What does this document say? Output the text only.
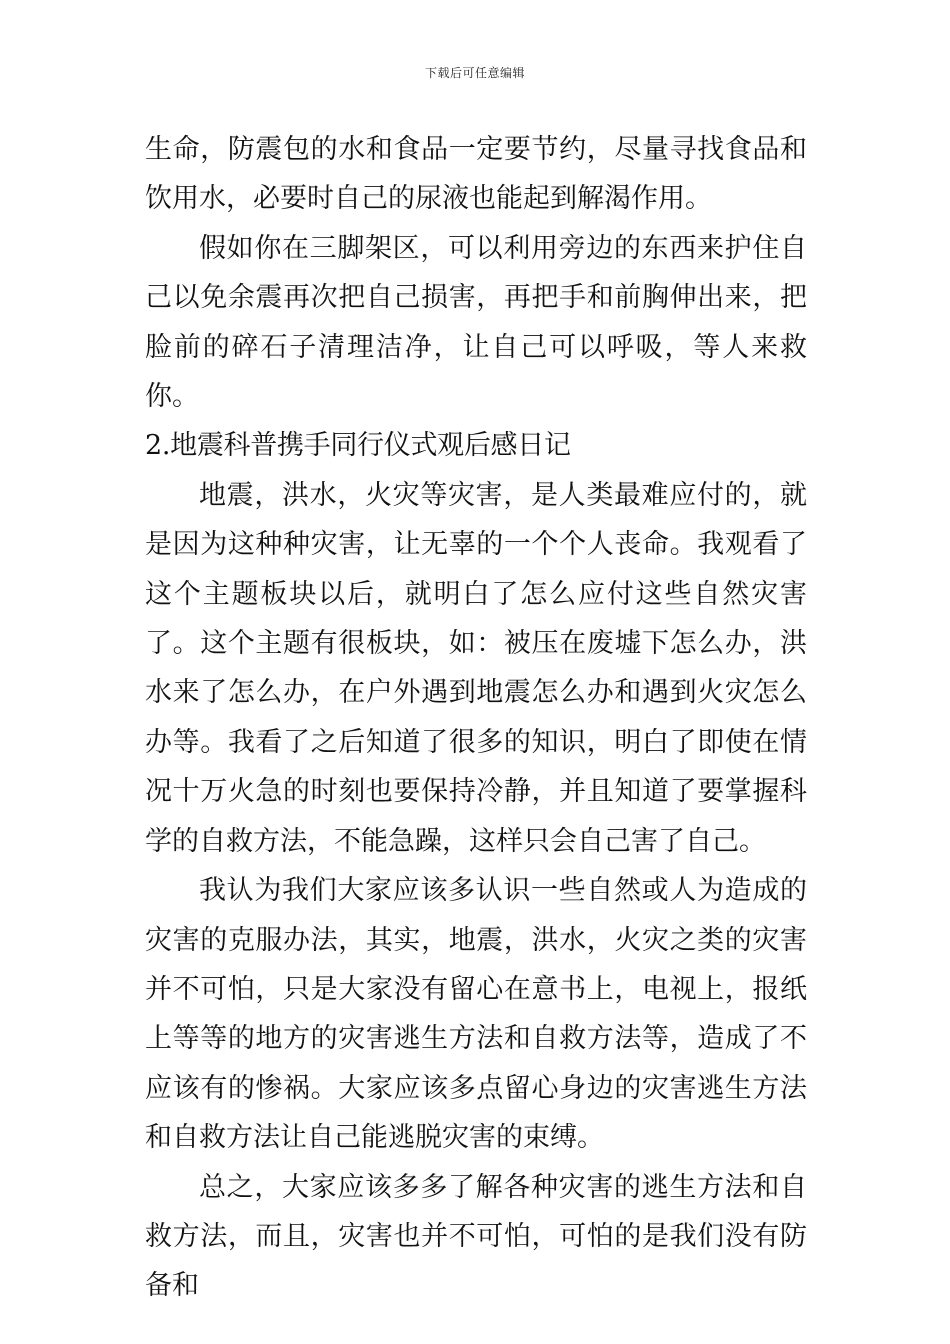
下载后可任意编辑

生命，防震包的水和食品一定要节约，尽量寻找食品和饮用水，必要时自己的尿液也能起到解渴作用。

假如你在三脚架区，可以利用旁边的东西来护住自己以免余震再次把自己损害，再把手和前胸伸出来，把脸前的碎石子清理洁净，让自己可以呼吸，等人来救你。

2.地震科普携手同行仪式观后感日记

地震，洪水，火灾等灾害，是人类最难应付的，就是因为这种种灾害，让无辜的一个个人丧命。我观看了这个主题板块以后，就明白了怎么应付这些自然灾害了。这个主题有很板块，如：被压在废墟下怎么办，洪水来了怎么办，在户外遇到地震怎么办和遇到火灾怎么办等。我看了之后知道了很多的知识，明白了即使在情况十万火急的时刻也要保持冷静，并且知道了要掌握科学的自救方法，不能急躁，这样只会自己害了自己。

我认为我们大家应该多认识一些自然或人为造成的灾害的克服办法，其实，地震，洪水，火灾之类的灾害并不可怕，只是大家没有留心在意书上，电视上，报纸上等等的地方的灾害逃生方法和自救方法等，造成了不应该有的惨祸。大家应该多点留心身边的灾害逃生方法和自救方法让自己能逃脱灾害的束缚。

总之，大家应该多多了解各种灾害的逃生方法和自救方法，而且，灾害也并不可怕，可怕的是我们没有防备和
